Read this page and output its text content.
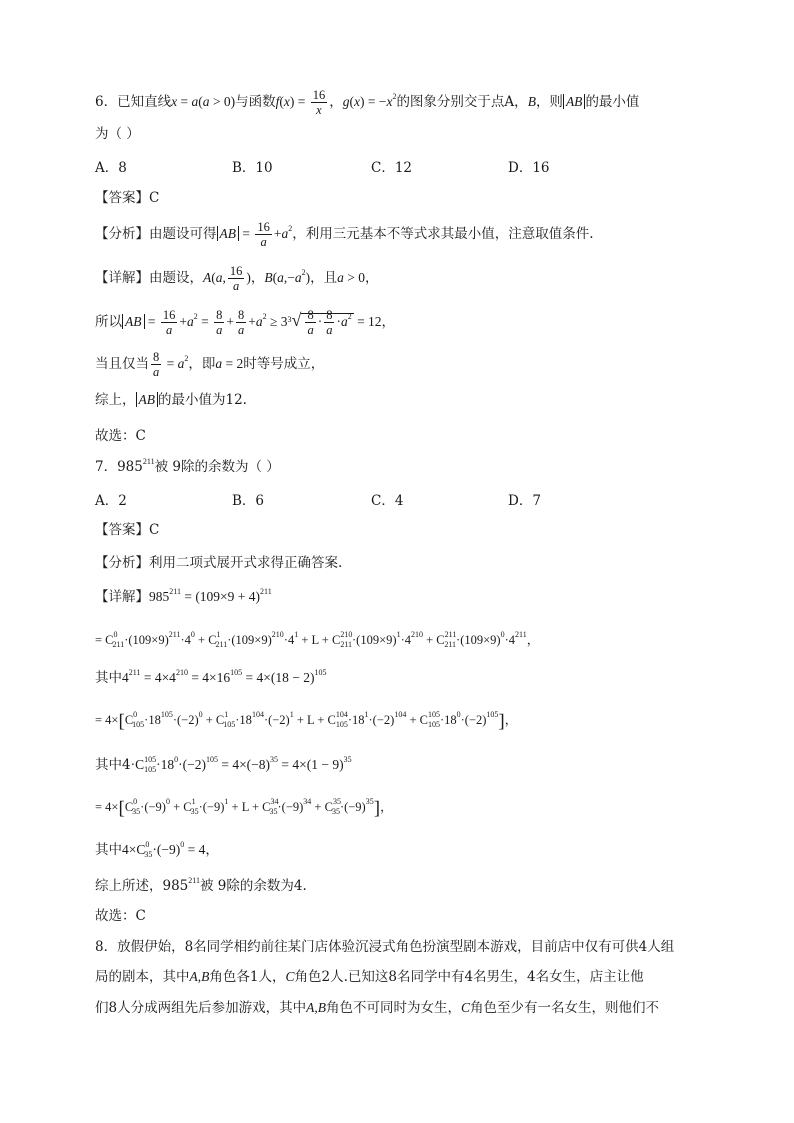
6．已知直线x = a(a > 0)与函数$f(x) = \frac{16}{x}$ ，$g(x) = -x^2$的图象分别交于点A，B，则 AB 的最小值
为（ ）
A．8	B．10	C．12	D．16
【答案】C
【分析】由题设可得 AB = $\frac{16}{a} +a^2$，利用三元基本不等式求其最小值，注意取值条件.
【详解】由题设，A(a, $\frac{16}{a}$ )，$B(a,-a^2)$，且a > 0，
所以 AB = $\frac{16}{a} +a^2 = \frac{8}{a} + \frac{8}{a} +a^2 \ge 3^3√ \frac{8}{a} \cdot \frac{8}{a} \cdot a^2 = 12$，
当且仅当 $\frac{8}{a} = a^2$，即a = 2时等号成立，
综上， AB 的最小值为12.
故选：C
7．$985^{211}$被 9除的余数为（ ）
A．2	B．6	C．4	D．7
【答案】C
【分析】利用二项式展开式求得正确答案.
【详解】$985^{211} = (109\times 9 + 4)^{211}$
= $C^0_{211}\cdot(109\times 9)^{211}\cdot 4^0 + C^1_{211}\cdot(109\times 9)^{210}\cdot 4^1 + L + C^{210}_{211}\cdot(109\times 9)^1\cdot 4^{210} + C^{211}_{211}\cdot(109\times 9)^0\cdot 4^{211}$，
其中$4^{211} = 4\times 4^{210} = 4\times 16^{105} = 4\times(18 - 2)^{105}$
= $4\times[C^0_{105}\cdot 18^{105}\cdot(-2)^0 + C^1_{105}\cdot 18^{104}\cdot(-2)^1 + L + C^{104}_{105}\cdot 18^1\cdot(-2)^{104} + C^{105}_{105}\cdot 18^0\cdot(-2)^{105}]$，
其中$4\cdot C^{105}_{105}\cdot 18^0\cdot(-2)^{105} = 4\times(-8)^{35} = 4\times(1 - 9)^{35}$
= $4\times[C^0_{35}\cdot(-9)^0 + C^1_{35}\cdot(-9)^1 + L + C^{34}_{35}\cdot(-9)^{34} + C^{35}_{35}\cdot(-9)^{35}]$，
其中$4\times C^0_{35}\cdot(-9)^0 = 4$，
综上所述，$985^{211}$被 9除的余数为4.
故选：C
8．放假伊始，8名同学相约前往某门店体验沉浸式角色扮演型剧本游戏，目前店中仅有可供4人组
局的剧本，其中A,B角色各1人，C角色2人.已知这8名同学中有4名男生，4名女生，店主让他
们8人分成两组先后参加游戏，其中A,B角色不可同时为女生，C角色至少有一名女生，则他们不
